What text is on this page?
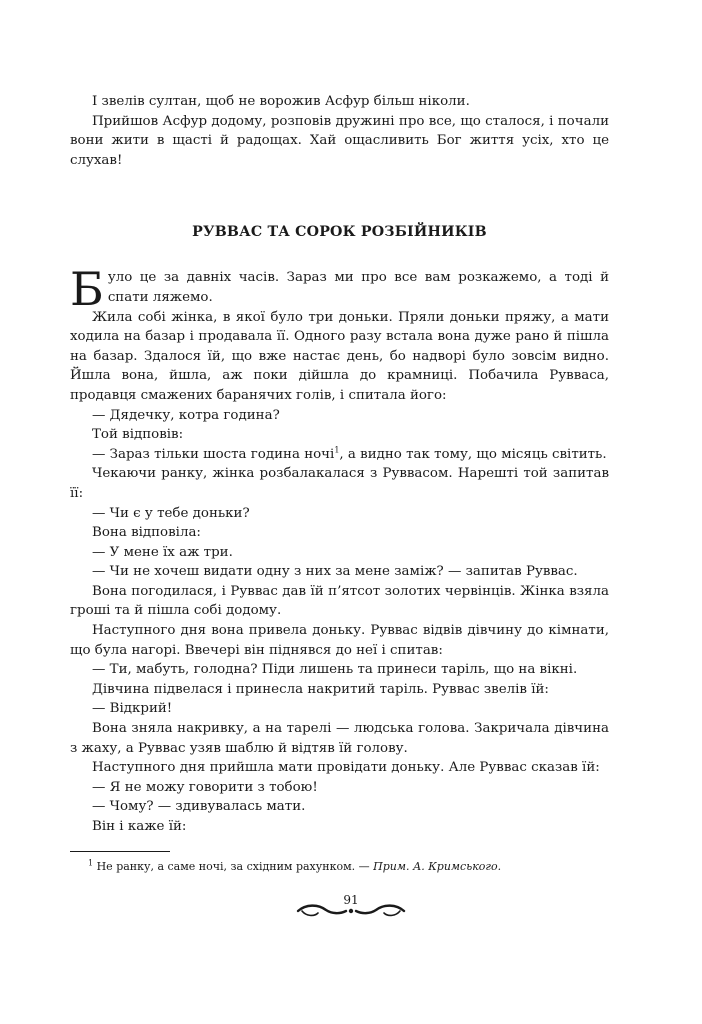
І звелів султан, щоб не ворожив Асфур більш ніколи.

Прийшов Асфур додому, розповів дружині про все, що сталося, і почали вони жити в щасті й радощах. Хай ощасливить Бог життя усіх, хто це слухав!

РУВВАС ТА СОРОК РОЗБІЙНИКІВ
Б уло це за давніх часів. Зараз ми про все вам розкажемо, а тоді й спати ляжемо.

Жила собі жінка, в якої було три доньки. Пряли доньки пряжу, а мати ходила на базар і продавала її. Одного разу встала вона дуже рано й пішла на базар. Здалося їй, що вже настає день, бо надворі було зовсім видно. Йшла вона, йшла, аж поки дійшла до крамниці. Побачила Рувваса, продавця смажених баранячих голів, і спитала його:

— Дядечку, котра година?

Той відповів:

— Зараз тільки шоста година ночі$^1$, а видно так тому, що місяць світить.

Чекаючи ранку, жінка розбалакалася з Руввасом. Нарешті той запитав її:

— Чи є у тебе доньки?

Вона відповіла:

— У мене їх аж три.

— Чи не хочеш видати одну з них за мене заміж? — запитав Руввас.

Вона погодилася, і Руввас дав їй п’ятсот золотих червінців. Жінка взяла гроші та й пішла собі додому.

Наступного дня вона привела доньку. Руввас відвів дівчину до кімнати, що була нагорі. Ввечері він піднявся до неї і спитав:

— Ти, мабуть, голодна? Піди лишень та принеси таріль, що на вікні.

Дівчина підвелася і принесла накритий таріль. Руввас звелів їй:

— Відкрий!

Вона зняла накривку, а на тарелі — людська голова. Закричала дівчина з жаху, а Руввас узяв шаблю й відтяв їй голову.

Наступного дня прийшла мати провідати доньку. Але Руввас сказав їй:

— Я не можу говорити з тобою!

— Чому? — здивувалась мати.

Він і каже їй:

$^1$ Не ранку, а саме ночі, за східним рахунком. — Прим. А. Кримського.

91
